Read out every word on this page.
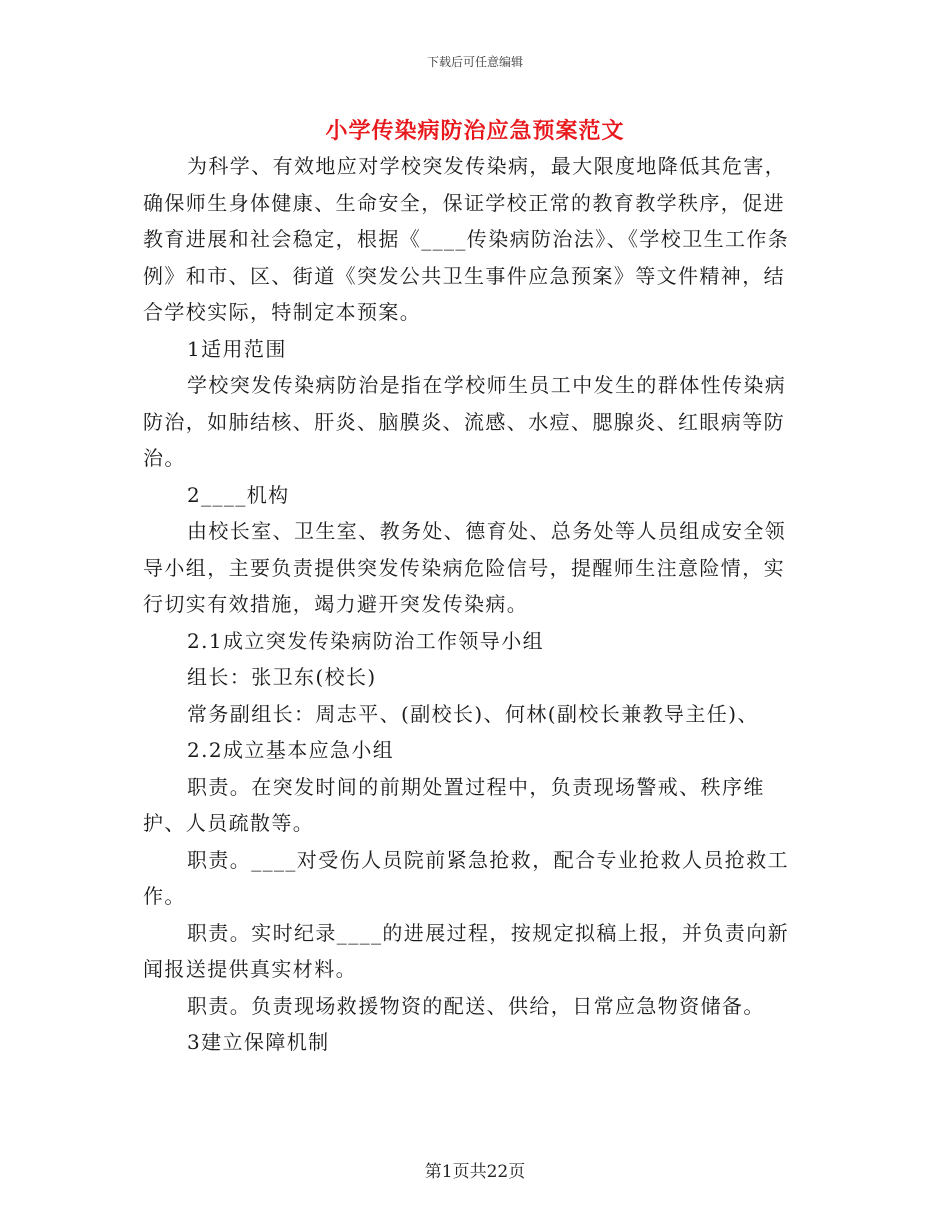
下载后可任意编辑
小学传染病防治应急预案范文

为科学、有效地应对学校突发传染病，最大限度地降低其危害，确保师生身体健康、生命安全，保证学校正常的教育教学秩序，促进教育进展和社会稳定，根据《____传染病防治法》、《学校卫生工作条例》和市、区、街道《突发公共卫生事件应急预案》等文件精神，结合学校实际，特制定本预案。

1适用范围

学校突发传染病防治是指在学校师生员工中发生的群体性传染病防治，如肺结核、肝炎、脑膜炎、流感、水痘、腮腺炎、红眼病等防治。

2____机构

由校长室、卫生室、教务处、德育处、总务处等人员组成安全领导小组，主要负责提供突发传染病危险信号，提醒师生注意险情，实行切实有效措施，竭力避开突发传染病。

2.1成立突发传染病防治工作领导小组

组长：张卫东(校长)

常务副组长：周志平、(副校长)、何林(副校长兼教导主任)、

2.2成立基本应急小组

职责。在突发时间的前期处置过程中，负责现场警戒、秩序维护、人员疏散等。

职责。____对受伤人员院前紧急抢救，配合专业抢救人员抢救工作。

职责。实时纪录____的进展过程，按规定拟稿上报，并负责向新闻报送提供真实材料。

职责。负责现场救援物资的配送、供给，日常应急物资储备。

3建立保障机制

第1页共22页
